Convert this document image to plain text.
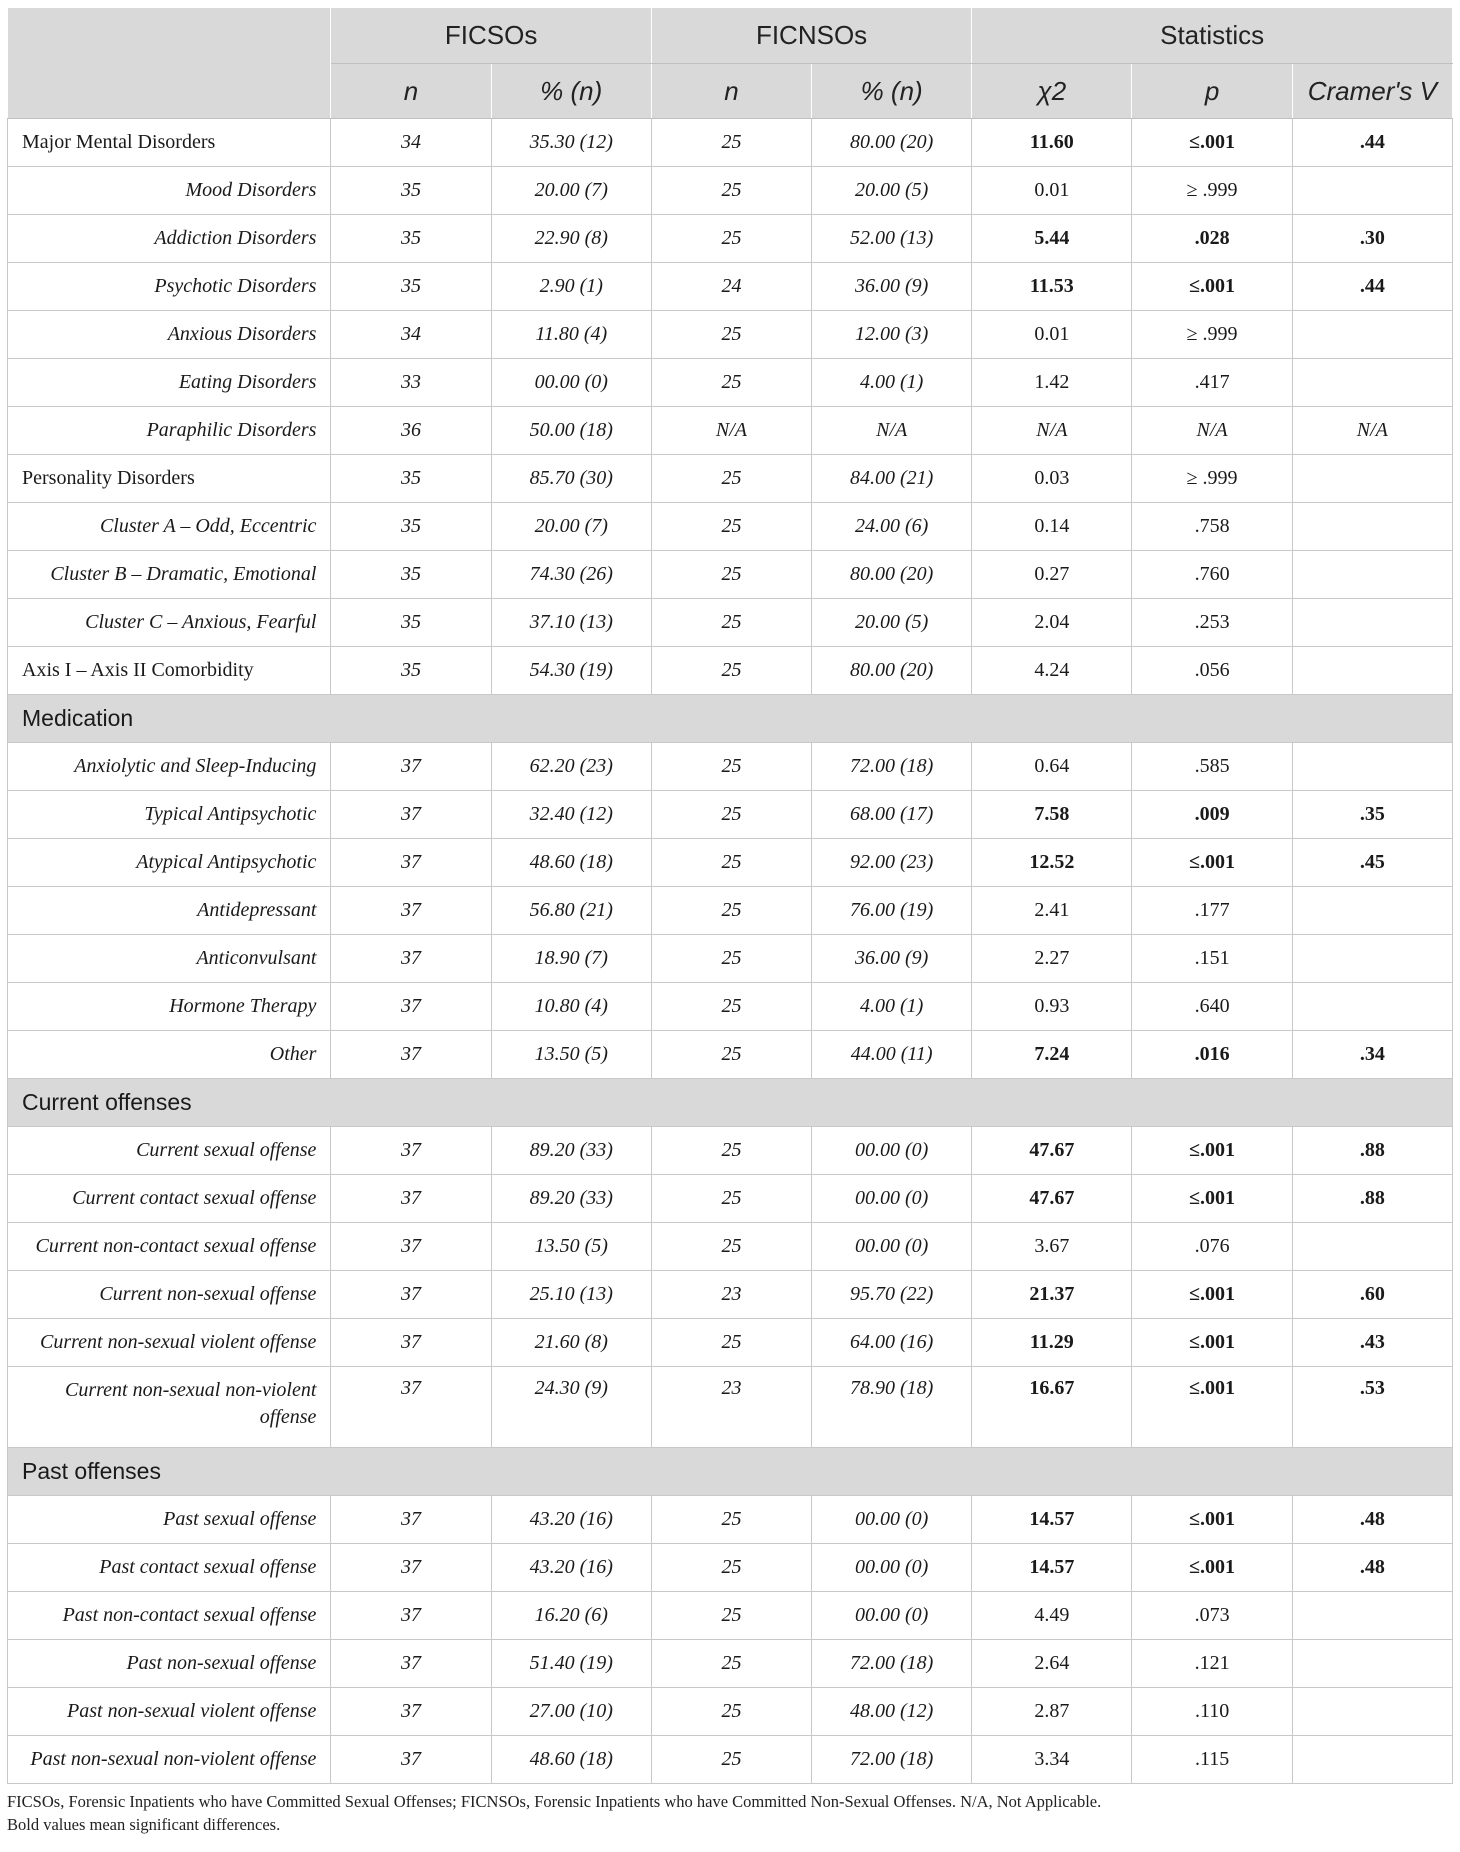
	FICSOs		FICNSOs		Statistics		
	n	% (n)	n	% (n)	χ2	p	Cramer's V
Major Mental Disorders	34	35.30 (12)	25	80.00 (20)	11.60	≤.001	.44
Mood Disorders	35	20.00 (7)	25	20.00 (5)	0.01	≥ .999	
Addiction Disorders	35	22.90 (8)	25	52.00 (13)	5.44	.028	.30
Psychotic Disorders	35	2.90 (1)	24	36.00 (9)	11.53	≤.001	.44
Anxious Disorders	34	11.80 (4)	25	12.00 (3)	0.01	≥ .999	
Eating Disorders	33	00.00 (0)	25	4.00 (1)	1.42	.417	
Paraphilic Disorders	36	50.00 (18)	N/A	N/A	N/A	N/A	N/A
Personality Disorders	35	85.70 (30)	25	84.00 (21)	0.03	≥ .999	
Cluster A – Odd, Eccentric	35	20.00 (7)	25	24.00 (6)	0.14	.758	
Cluster B – Dramatic, Emotional	35	74.30 (26)	25	80.00 (20)	0.27	.760	
Cluster C – Anxious, Fearful	35	37.10 (13)	25	20.00 (5)	2.04	.253	
Axis I – Axis II Comorbidity	35	54.30 (19)	25	80.00 (20)	4.24	.056	
Medication							
Anxiolytic and Sleep-Inducing	37	62.20 (23)	25	72.00 (18)	0.64	.585	
Typical Antipsychotic	37	32.40 (12)	25	68.00 (17)	7.58	.009	.35
Atypical Antipsychotic	37	48.60 (18)	25	92.00 (23)	12.52	≤.001	.45
Antidepressant	37	56.80 (21)	25	76.00 (19)	2.41	.177	
Anticonvulsant	37	18.90 (7)	25	36.00 (9)	2.27	.151	
Hormone Therapy	37	10.80 (4)	25	4.00 (1)	0.93	.640	
Other	37	13.50 (5)	25	44.00 (11)	7.24	.016	.34
Current offenses							
Current sexual offense	37	89.20 (33)	25	00.00 (0)	47.67	≤.001	.88
Current contact sexual offense	37	89.20 (33)	25	00.00 (0)	47.67	≤.001	.88
Current non-contact sexual offense	37	13.50 (5)	25	00.00 (0)	3.67	.076	
Current non-sexual offense	37	25.10 (13)	23	95.70 (22)	21.37	≤.001	.60
Current non-sexual violent offense	37	21.60 (8)	25	64.00 (16)	11.29	≤.001	.43
Current non-sexual non-violent offense	37	24.30 (9)	23	78.90 (18)	16.67	≤.001	.53
Past offenses							
Past sexual offense	37	43.20 (16)	25	00.00 (0)	14.57	≤.001	.48
Past contact sexual offense	37	43.20 (16)	25	00.00 (0)	14.57	≤.001	.48
Past non-contact sexual offense	37	16.20 (6)	25	00.00 (0)	4.49	.073	
Past non-sexual offense	37	51.40 (19)	25	72.00 (18)	2.64	.121	
Past non-sexual violent offense	37	27.00 (10)	25	48.00 (12)	2.87	.110	
Past non-sexual non-violent offense	37	48.60 (18)	25	72.00 (18)	3.34	.115	
FICSOs, Forensic Inpatients who have Committed Sexual Offenses; FICNSOs, Forensic Inpatients who have Committed Non-Sexual Offenses. N/A, Not Applicable.
Bold values mean significant differences.
